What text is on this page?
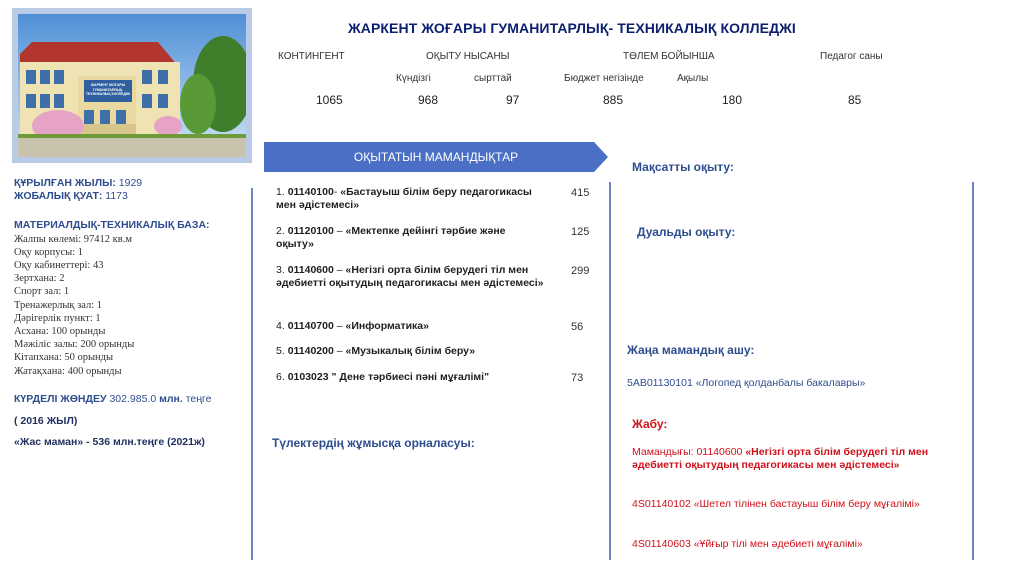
ЖАРКЕНТ ЖОҒАРЫ ГУМАНИТАРЛЫҚ-ТЕХНИКАЛЫҚ КОЛЛЕДЖІ
ЖАРКЕНТ ЖОҒАРЫ ГУМАНИТАРЛЫҚ- ТЕХНИКАЛЫҚ КОЛЛЕДЖІ
КОНТИНГЕНТ	ОҚЫТУ НЫСАНЫ	ТӨЛЕМ БОЙЫНША	Педагог саны
Күндізгі	сырттай	Бюджет негізінде	Ақылы
1065	968	97	885	180	85
ОҚЫТАТЫН МАМАНДЫҚТАР
ҚҰРЫЛҒАН ЖЫЛЫ: 1929
ЖОБАЛЫҚ ҚУАТ: 1173
МАТЕРИАЛДЫҚ-ТЕХНИКАЛЫҚ БАЗА:
Жалпы көлемі: 97412 кв.м
Оқу корпусы: 1
Оқу кабинеттері: 43
Зертхана: 2
Спорт зал: 1
Тренажерлық зал: 1
Дәрігерлік пункт: 1
Асхана: 100 орынды
Мәжіліс залы: 200 орынды
Кітапхана: 50 орынды
Жатақхана: 400 орынды
КҮРДЕЛІ ЖӨНДЕУ 302.985.0 млн. теңге
( 2016 ЖЫЛ)
«Жас маман» - 536 млн.теңге (2021ж)
1. 01140100- «Бастауыш білім беру педагогикасы мен әдістемесі»
415
2. 01120100 – «Мектепке дейінгі тәрбие және оқыту»
125
3. 01140600 – «Негізгі орта білім берудегі тіл мен әдебиетті оқытудың педагогикасы мен әдістемесі»
299
4. 01140700 – «Информатика»	56
5. 01140200 – «Музыкалық білім беру»
6. 0103023 " Дене тәрбиесі пәні мұғалімі"	73
Түлектердің жұмысқа орналасуы:
Мақсатты оқыту:
Дуальды оқыту:
Жаңа мамандық ашу:
5АВ01130101 «Логопед қолданбалы бакалавры»
Жабу:
Мамандығы: 01140600 «Негізгі орта білім берудегі тіл мен әдебиетті оқытудың педагогикасы мен әдістемесі»
4S01140102 «Шетел тілінен бастауыш білім беру мұғалімі»
4S01140603 «Ұйғыр тілі мен әдебиеті мұғалімі»
